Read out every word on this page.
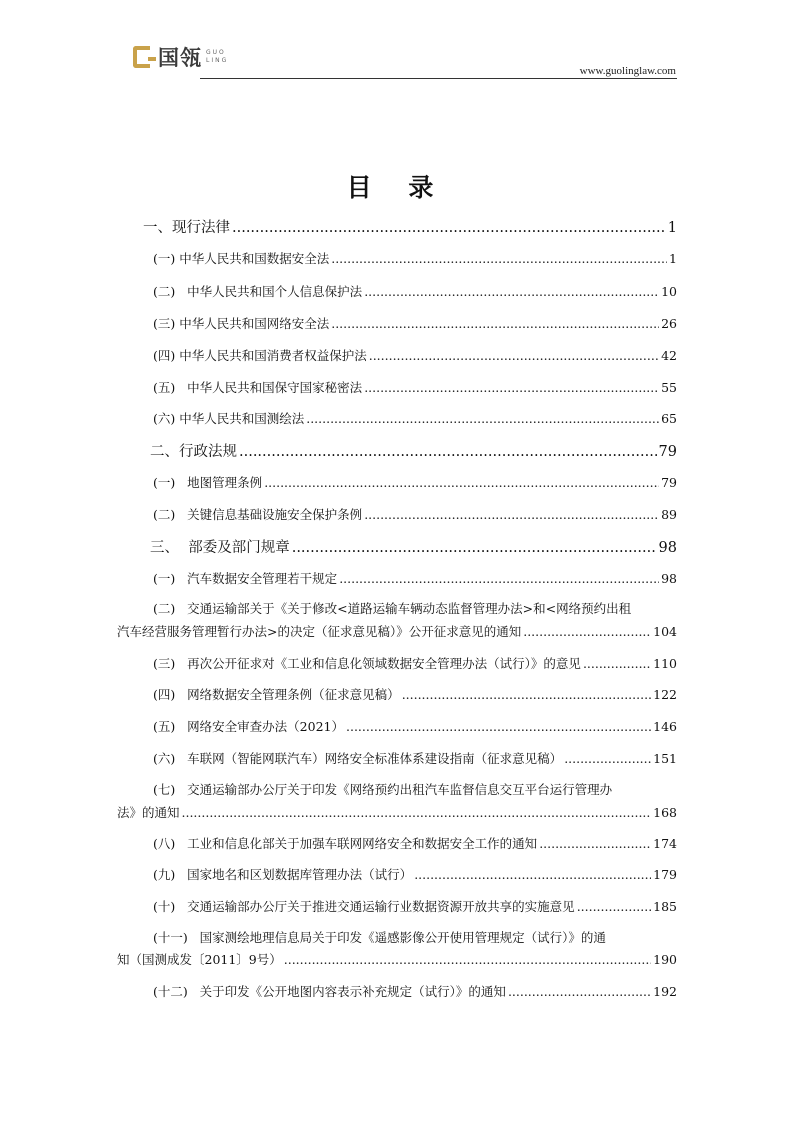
国瓴 GUO
LING
www.guolinglaw.com
目 录
一、现行法律 .....	1
(一) 中华人民共和国数据安全法 .....	1
(二)   中华人民共和国个人信息保护法 .....	10
(三) 中华人民共和国网络安全法 .....	26
(四) 中华人民共和国消费者权益保护法 .....	42
(五)   中华人民共和国保守国家秘密法 .....	55
(六) 中华人民共和国测绘法 .....	65
二、行政法规 .....	79
(一)   地图管理条例 .....	79
(二)   关键信息基础设施安全保护条例 .....	89
三、  部委及部门规章 .....	98
(一)   汽车数据安全管理若干规定 .....	98
(二)   交通运输部关于《关于修改<道路运输车辆动态监督管理办法>和<网络预约出租
汽车经营服务管理暂行办法>的决定（征求意见稿）》公开征求意见的通知 .....	104
(三)   再次公开征求对《工业和信息化领域数据安全管理办法（试行）》的意见 .....	110
(四)   网络数据安全管理条例（征求意见稿） .....	122
(五)   网络安全审查办法（2021） .....	146
(六)   车联网（智能网联汽车）网络安全标准体系建设指南（征求意见稿） .....	151
(七)   交通运输部办公厅关于印发《网络预约出租汽车监督信息交互平台运行管理办
法》的通知 .....	168
(八)   工业和信息化部关于加强车联网网络安全和数据安全工作的通知 .....	174
(九)   国家地名和区划数据库管理办法（试行） .....	179
(十)   交通运输部办公厅关于推进交通运输行业数据资源开放共享的实施意见 .....	185
(十一)   国家测绘地理信息局关于印发《遥感影像公开使用管理规定（试行）》的通
知（国测成发〔2011〕9号） .....	190
(十二)   关于印发《公开地图内容表示补充规定（试行）》的通知 .....	192
